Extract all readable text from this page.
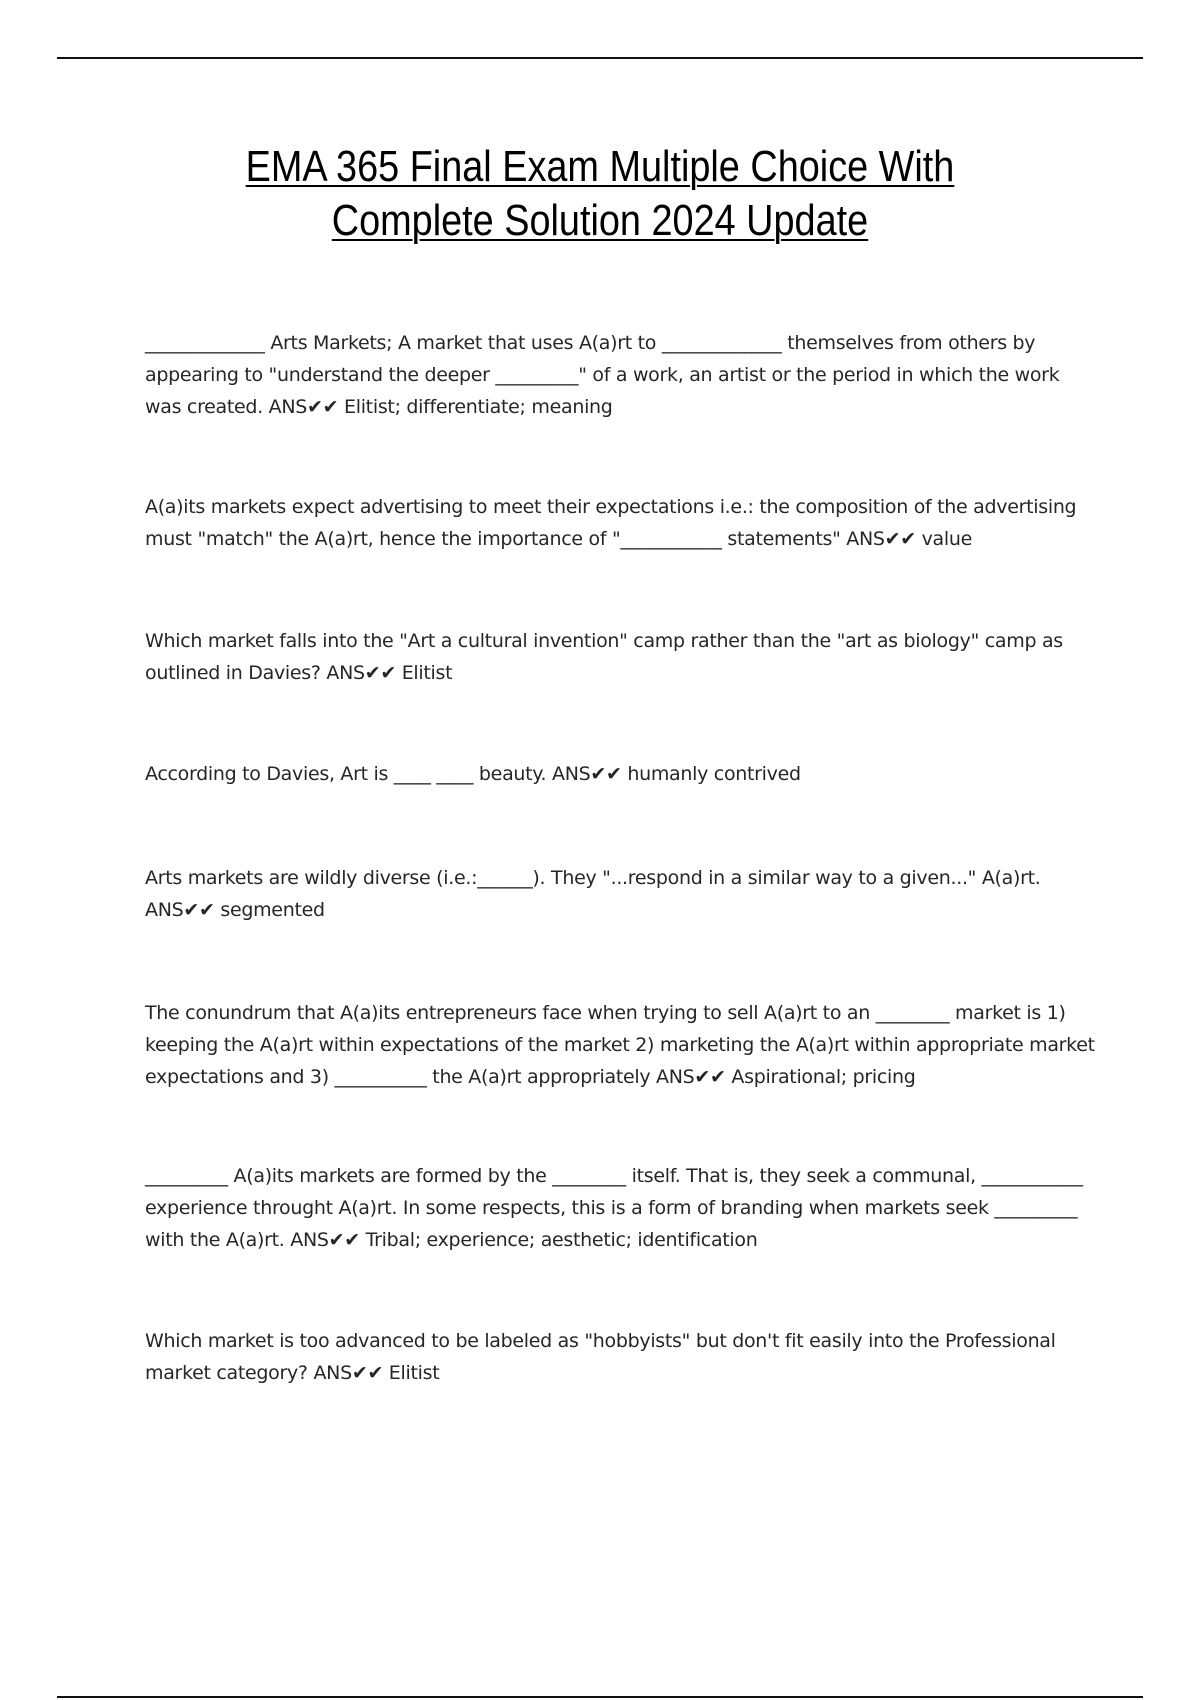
EMA 365 Final Exam Multiple Choice With Complete Solution 2024 Update

_____________ Arts Markets; A market that uses A(a)rt to _____________ themselves from others by appearing to "understand the deeper _________" of a work, an artist or the period in which the work was created. ANS✔✔ Elitist; differentiate; meaning

A(a)its markets expect advertising to meet their expectations i.e.: the composition of the advertising must "match" the A(a)rt, hence the importance of "___________ statements" ANS✔✔ value

Which market falls into the "Art a cultural invention" camp rather than the "art as biology" camp as outlined in Davies? ANS✔✔ Elitist

According to Davies, Art is ____ ____ beauty. ANS✔✔ humanly contrived

Arts markets are wildly diverse (i.e.:______). They "...respond in a similar way to a given..." A(a)rt. ANS✔✔ segmented

The conundrum that A(a)its entrepreneurs face when trying to sell A(a)rt to an ________ market is 1) keeping the A(a)rt within expectations of the market 2) marketing the A(a)rt within appropriate market expectations and 3) __________ the A(a)rt appropriately ANS✔✔ Aspirational; pricing

_________ A(a)its markets are formed by the ________ itself. That is, they seek a communal, ___________ experience throught A(a)rt. In some respects, this is a form of branding when markets seek _________ with the A(a)rt. ANS✔✔ Tribal; experience; aesthetic; identification

Which market is too advanced to be labeled as "hobbyists" but don't fit easily into the Professional market category? ANS✔✔ Elitist
